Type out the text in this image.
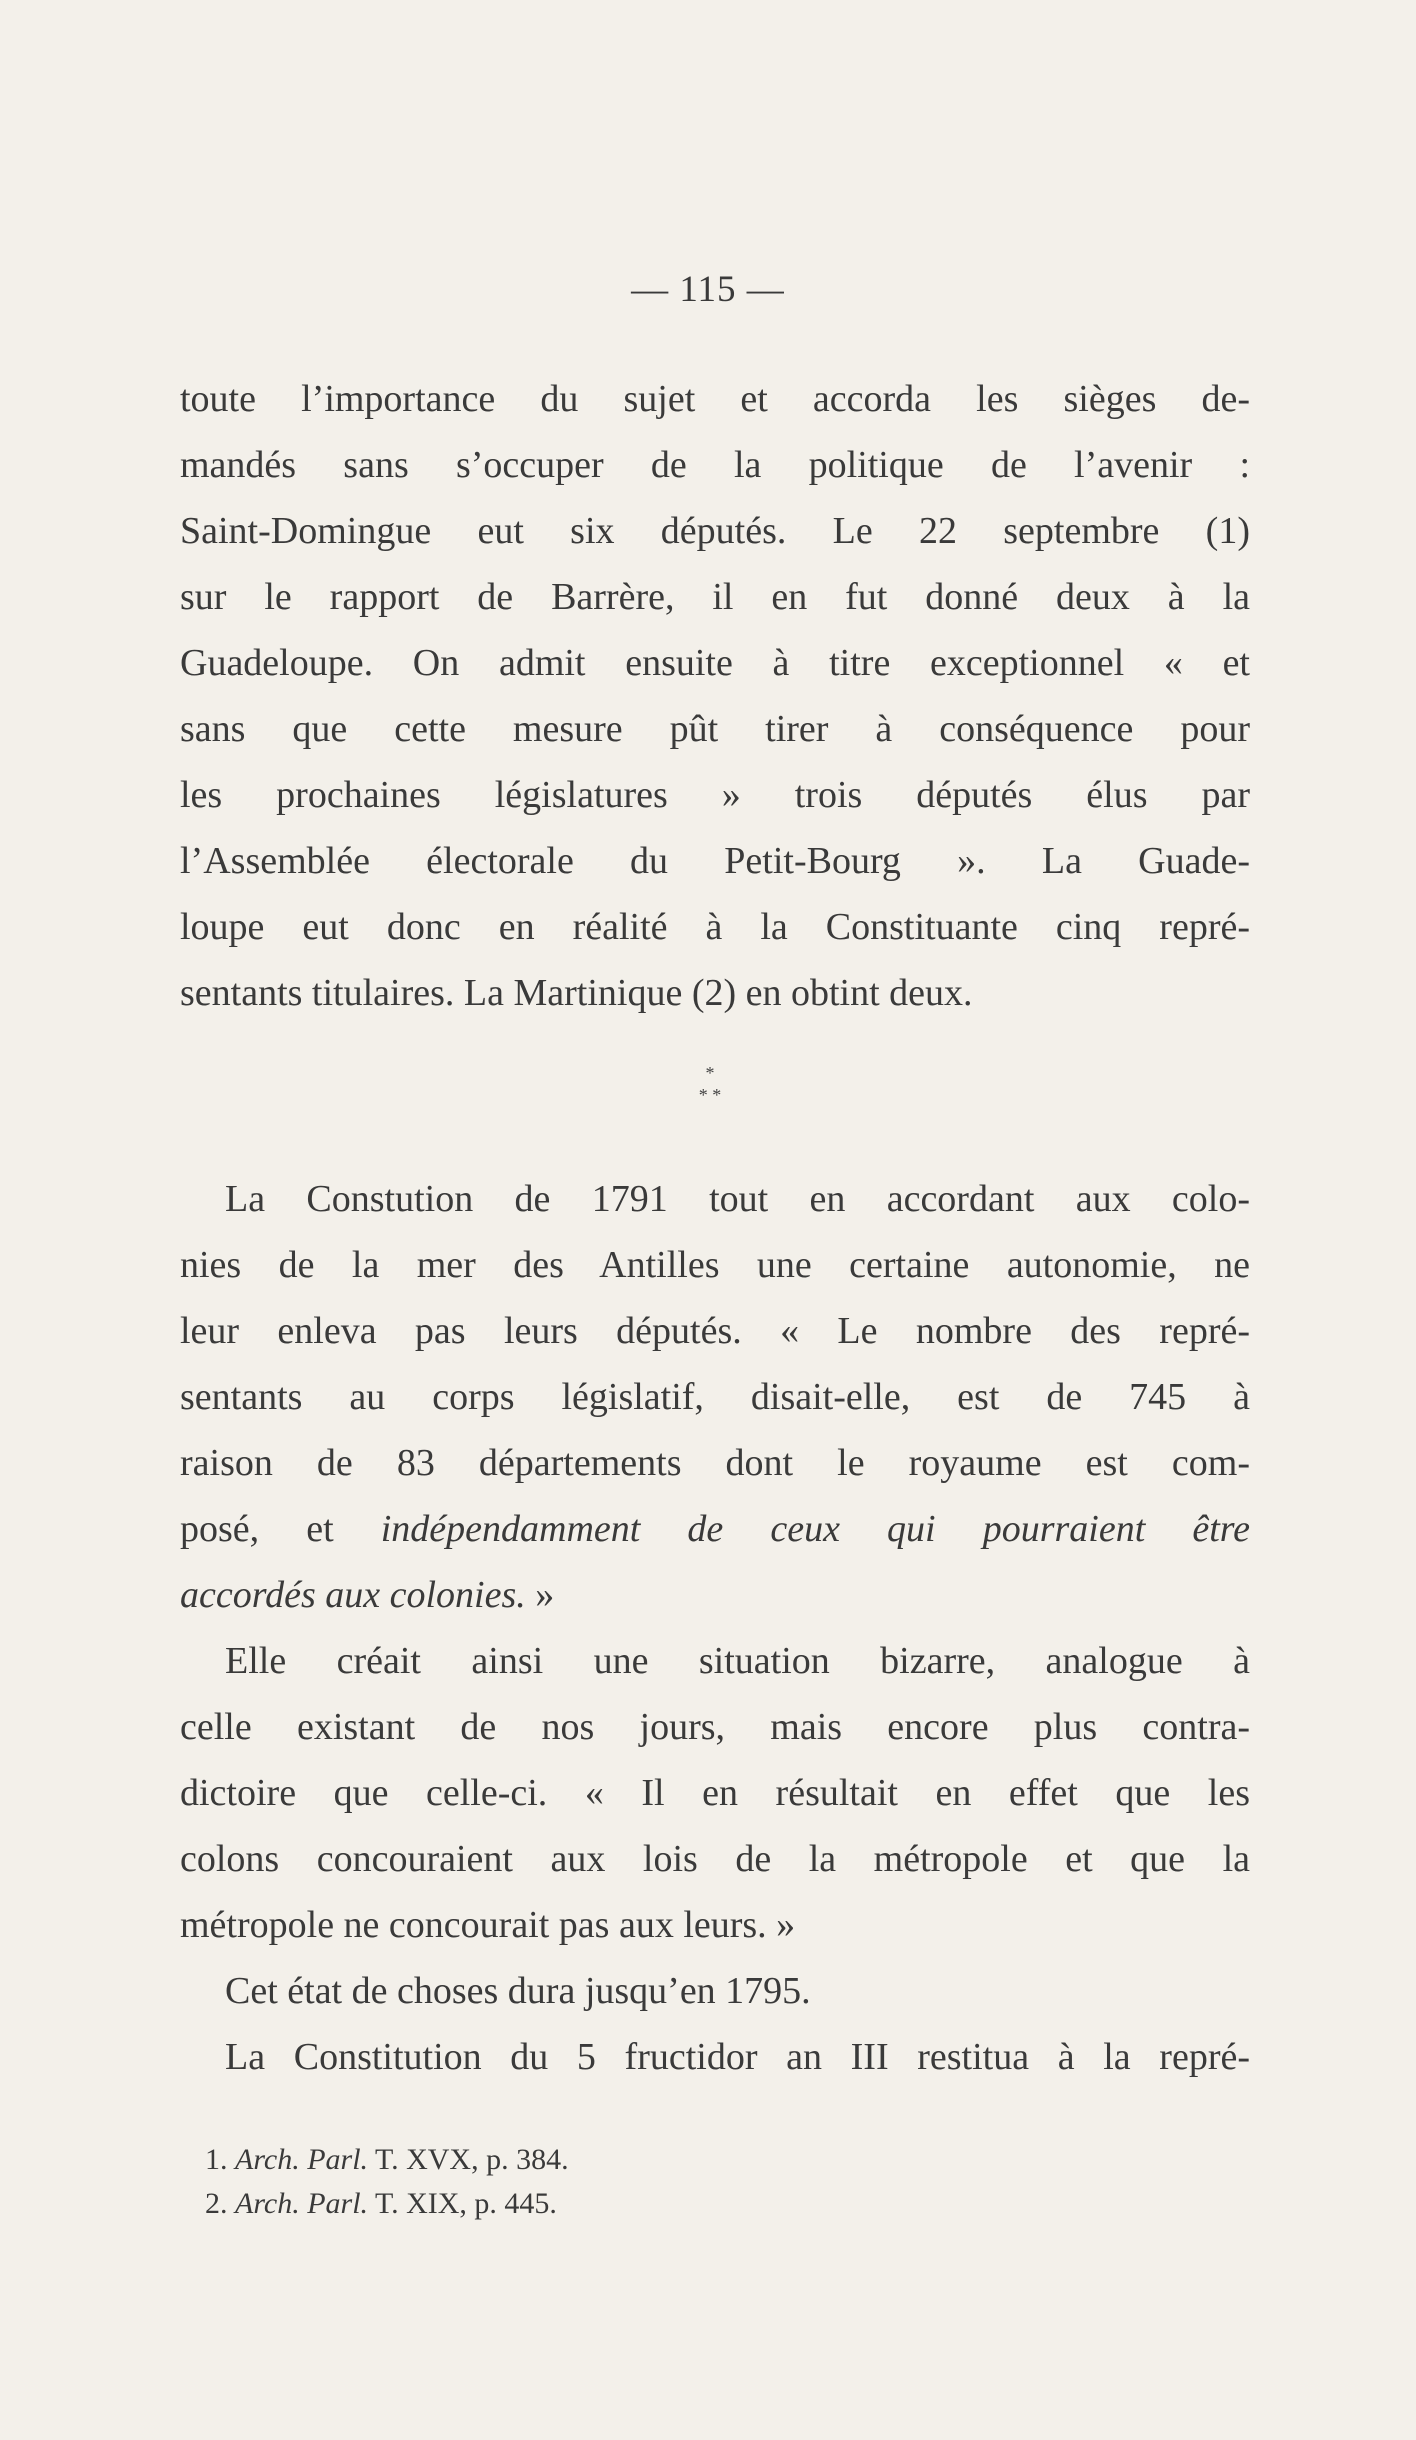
— 115 —
toute l’importance du sujet et accorda les sièges de-
mandés sans s’occuper de la politique de l’avenir :
Saint-Domingue eut six députés. Le 22 septembre (1)
sur le rapport de Barrère, il en fut donné deux à la
Guadeloupe. On admit ensuite à titre exceptionnel « et
sans que cette mesure pût tirer à conséquence pour
les prochaines législatures » trois députés élus par
l’Assemblée électorale du Petit-Bourg ». La Guade-
loupe eut donc en réalité à la Constituante cinq repré-
sentants titulaires. La Martinique (2) en obtint deux.
*
* *
La Constution de 1791 tout en accordant aux colo-
nies de la mer des Antilles une certaine autonomie, ne
leur enleva pas leurs députés. « Le nombre des repré-
sentants au corps législatif, disait-elle, est de 745 à
raison de 83 départements dont le royaume est com-
posé, et indépendamment de ceux qui pourraient être
accordés aux colonies. »
Elle créait ainsi une situation bizarre, analogue à
celle existant de nos jours, mais encore plus contra-
dictoire que celle-ci. « Il en résultait en effet que les
colons concouraient aux lois de la métropole et que la
métropole ne concourait pas aux leurs. »
Cet état de choses dura jusqu’en 1795.
La Constitution du 5 fructidor an III restitua à la repré-
1. Arch. Parl. T. XVX, p. 384.
2. Arch. Parl. T. XIX, p. 445.
